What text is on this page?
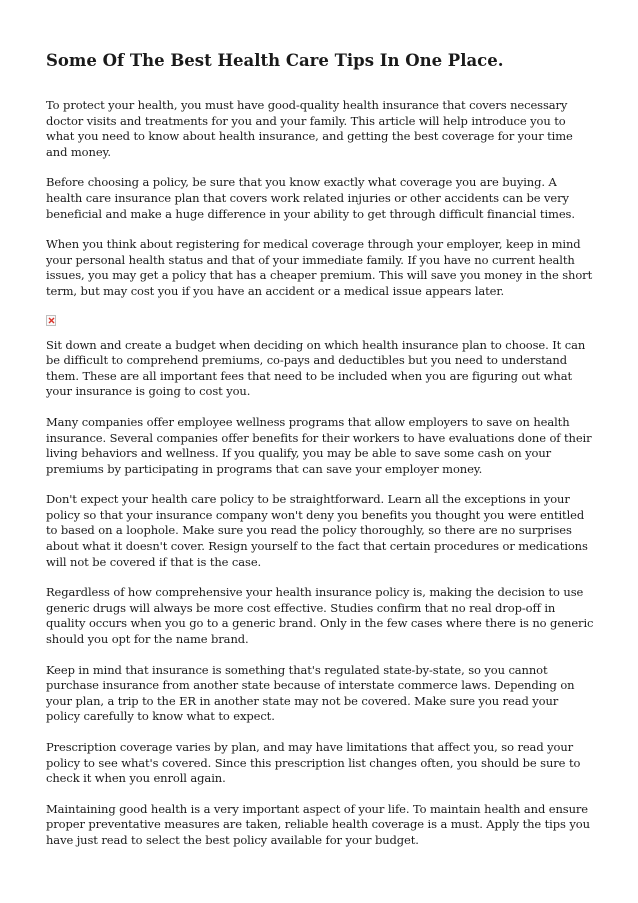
Some Of The Best Health Care Tips In One Place.

To protect your health, you must have good-quality health insurance that covers necessary doctor visits and treatments for you and your family. This article will help introduce you to what you need to know about health insurance, and getting the best coverage for your time and money.

Before choosing a policy, be sure that you know exactly what coverage you are buying. A health care insurance plan that covers work related injuries or other accidents can be very beneficial and make a huge difference in your ability to get through difficult financial times.

When you think about registering for medical coverage through your employer, keep in mind your personal health status and that of your immediate family. If you have no current health issues, you may get a policy that has a cheaper premium. This will save you money in the short term, but may cost you if you have an accident or a medical issue appears later.

Sit down and create a budget when deciding on which health insurance plan to choose. It can be difficult to comprehend premiums, co-pays and deductibles but you need to understand them. These are all important fees that need to be included when you are figuring out what your insurance is going to cost you.

Many companies offer employee wellness programs that allow employers to save on health insurance. Several companies offer benefits for their workers to have evaluations done of their living behaviors and wellness. If you qualify, you may be able to save some cash on your premiums by participating in programs that can save your employer money.

Don't expect your health care policy to be straightforward. Learn all the exceptions in your policy so that your insurance company won't deny you benefits you thought you were entitled to based on a loophole. Make sure you read the policy thoroughly, so there are no surprises about what it doesn't cover. Resign yourself to the fact that certain procedures or medications will not be covered if that is the case.

Regardless of how comprehensive your health insurance policy is, making the decision to use generic drugs will always be more cost effective. Studies confirm that no real drop-off in quality occurs when you go to a generic brand. Only in the few cases where there is no generic should you opt for the name brand.

Keep in mind that insurance is something that's regulated state-by-state, so you cannot purchase insurance from another state because of interstate commerce laws. Depending on your plan, a trip to the ER in another state may not be covered. Make sure you read your policy carefully to know what to expect.

Prescription coverage varies by plan, and may have limitations that affect you, so read your policy to see what's covered. Since this prescription list changes often, you should be sure to check it when you enroll again.

Maintaining good health is a very important aspect of your life. To maintain health and ensure proper preventative measures are taken, reliable health coverage is a must. Apply the tips you have just read to select the best policy available for your budget.
